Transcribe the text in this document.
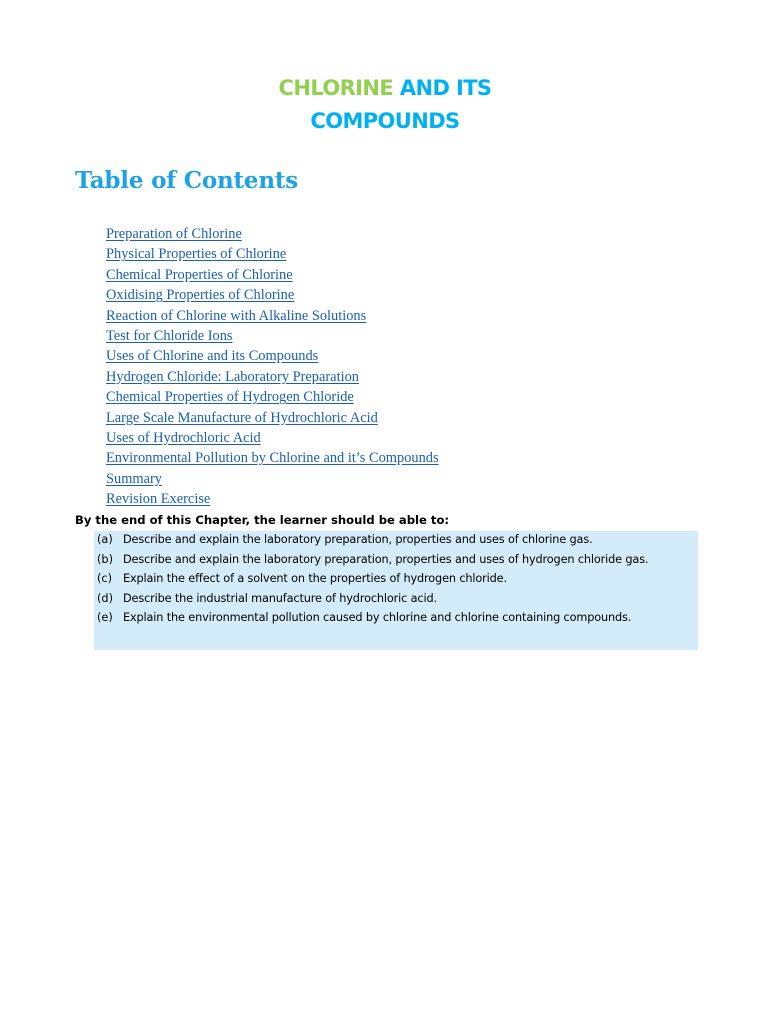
CHLORINE AND ITS
COMPOUNDS
Table of Contents
Preparation of Chlorine
Physical Properties of Chlorine
Chemical Properties of Chlorine
Oxidising Properties of Chlorine
Reaction of Chlorine with Alkaline Solutions
Test for Chloride Ions
Uses of Chlorine and its Compounds
Hydrogen Chloride: Laboratory Preparation
Chemical Properties of Hydrogen Chloride
Large Scale Manufacture of Hydrochloric Acid
Uses of Hydrochloric Acid
Environmental Pollution by Chlorine and it’s Compounds
Summary
Revision Exercise

By the end of this Chapter, the learner should be able to:

(a) Describe and explain the laboratory preparation, properties and uses of chlorine gas.
(b) Describe and explain the laboratory preparation, properties and uses of hydrogen chloride gas.
(c) Explain the effect of a solvent on the properties of hydrogen chloride.
(d) Describe the industrial manufacture of hydrochloric acid.
(e) Explain the environmental pollution caused by chlorine and chlorine containing compounds.
